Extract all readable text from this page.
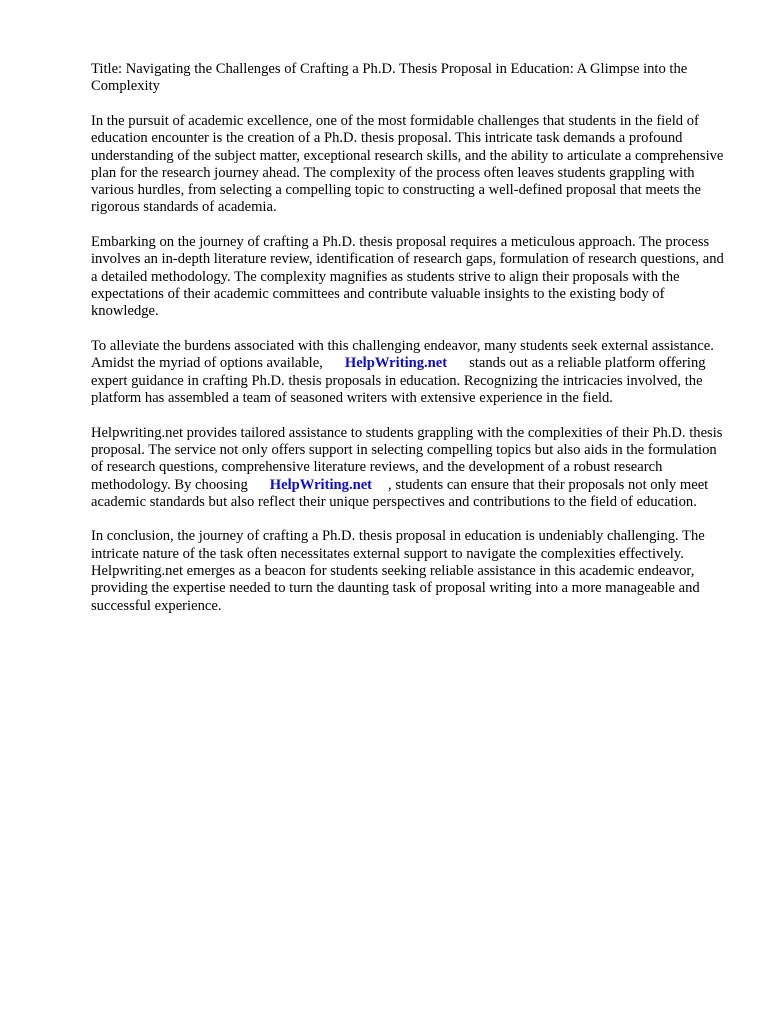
Title: Navigating the Challenges of Crafting a Ph.D. Thesis Proposal in Education: A Glimpse into the Complexity

In the pursuit of academic excellence, one of the most formidable challenges that students in the field of education encounter is the creation of a Ph.D. thesis proposal. This intricate task demands a profound understanding of the subject matter, exceptional research skills, and the ability to articulate a comprehensive plan for the research journey ahead. The complexity of the process often leaves students grappling with various hurdles, from selecting a compelling topic to constructing a well-defined proposal that meets the rigorous standards of academia.

Embarking on the journey of crafting a Ph.D. thesis proposal requires a meticulous approach. The process involves an in-depth literature review, identification of research gaps, formulation of research questions, and a detailed methodology. The complexity magnifies as students strive to align their proposals with the expectations of their academic committees and contribute valuable insights to the existing body of knowledge.

To alleviate the burdens associated with this challenging endeavor, many students seek external assistance. Amidst the myriad of options available, HelpWriting.net stands out as a reliable platform offering expert guidance in crafting Ph.D. thesis proposals in education. Recognizing the intricacies involved, the platform has assembled a team of seasoned writers with extensive experience in the field.

Helpwriting.net provides tailored assistance to students grappling with the complexities of their Ph.D. thesis proposal. The service not only offers support in selecting compelling topics but also aids in the formulation of research questions, comprehensive literature reviews, and the development of a robust research methodology. By choosing HelpWriting.net , students can ensure that their proposals not only meet academic standards but also reflect their unique perspectives and contributions to the field of education.

In conclusion, the journey of crafting a Ph.D. thesis proposal in education is undeniably challenging. The intricate nature of the task often necessitates external support to navigate the complexities effectively. Helpwriting.net emerges as a beacon for students seeking reliable assistance in this academic endeavor, providing the expertise needed to turn the daunting task of proposal writing into a more manageable and successful experience.
